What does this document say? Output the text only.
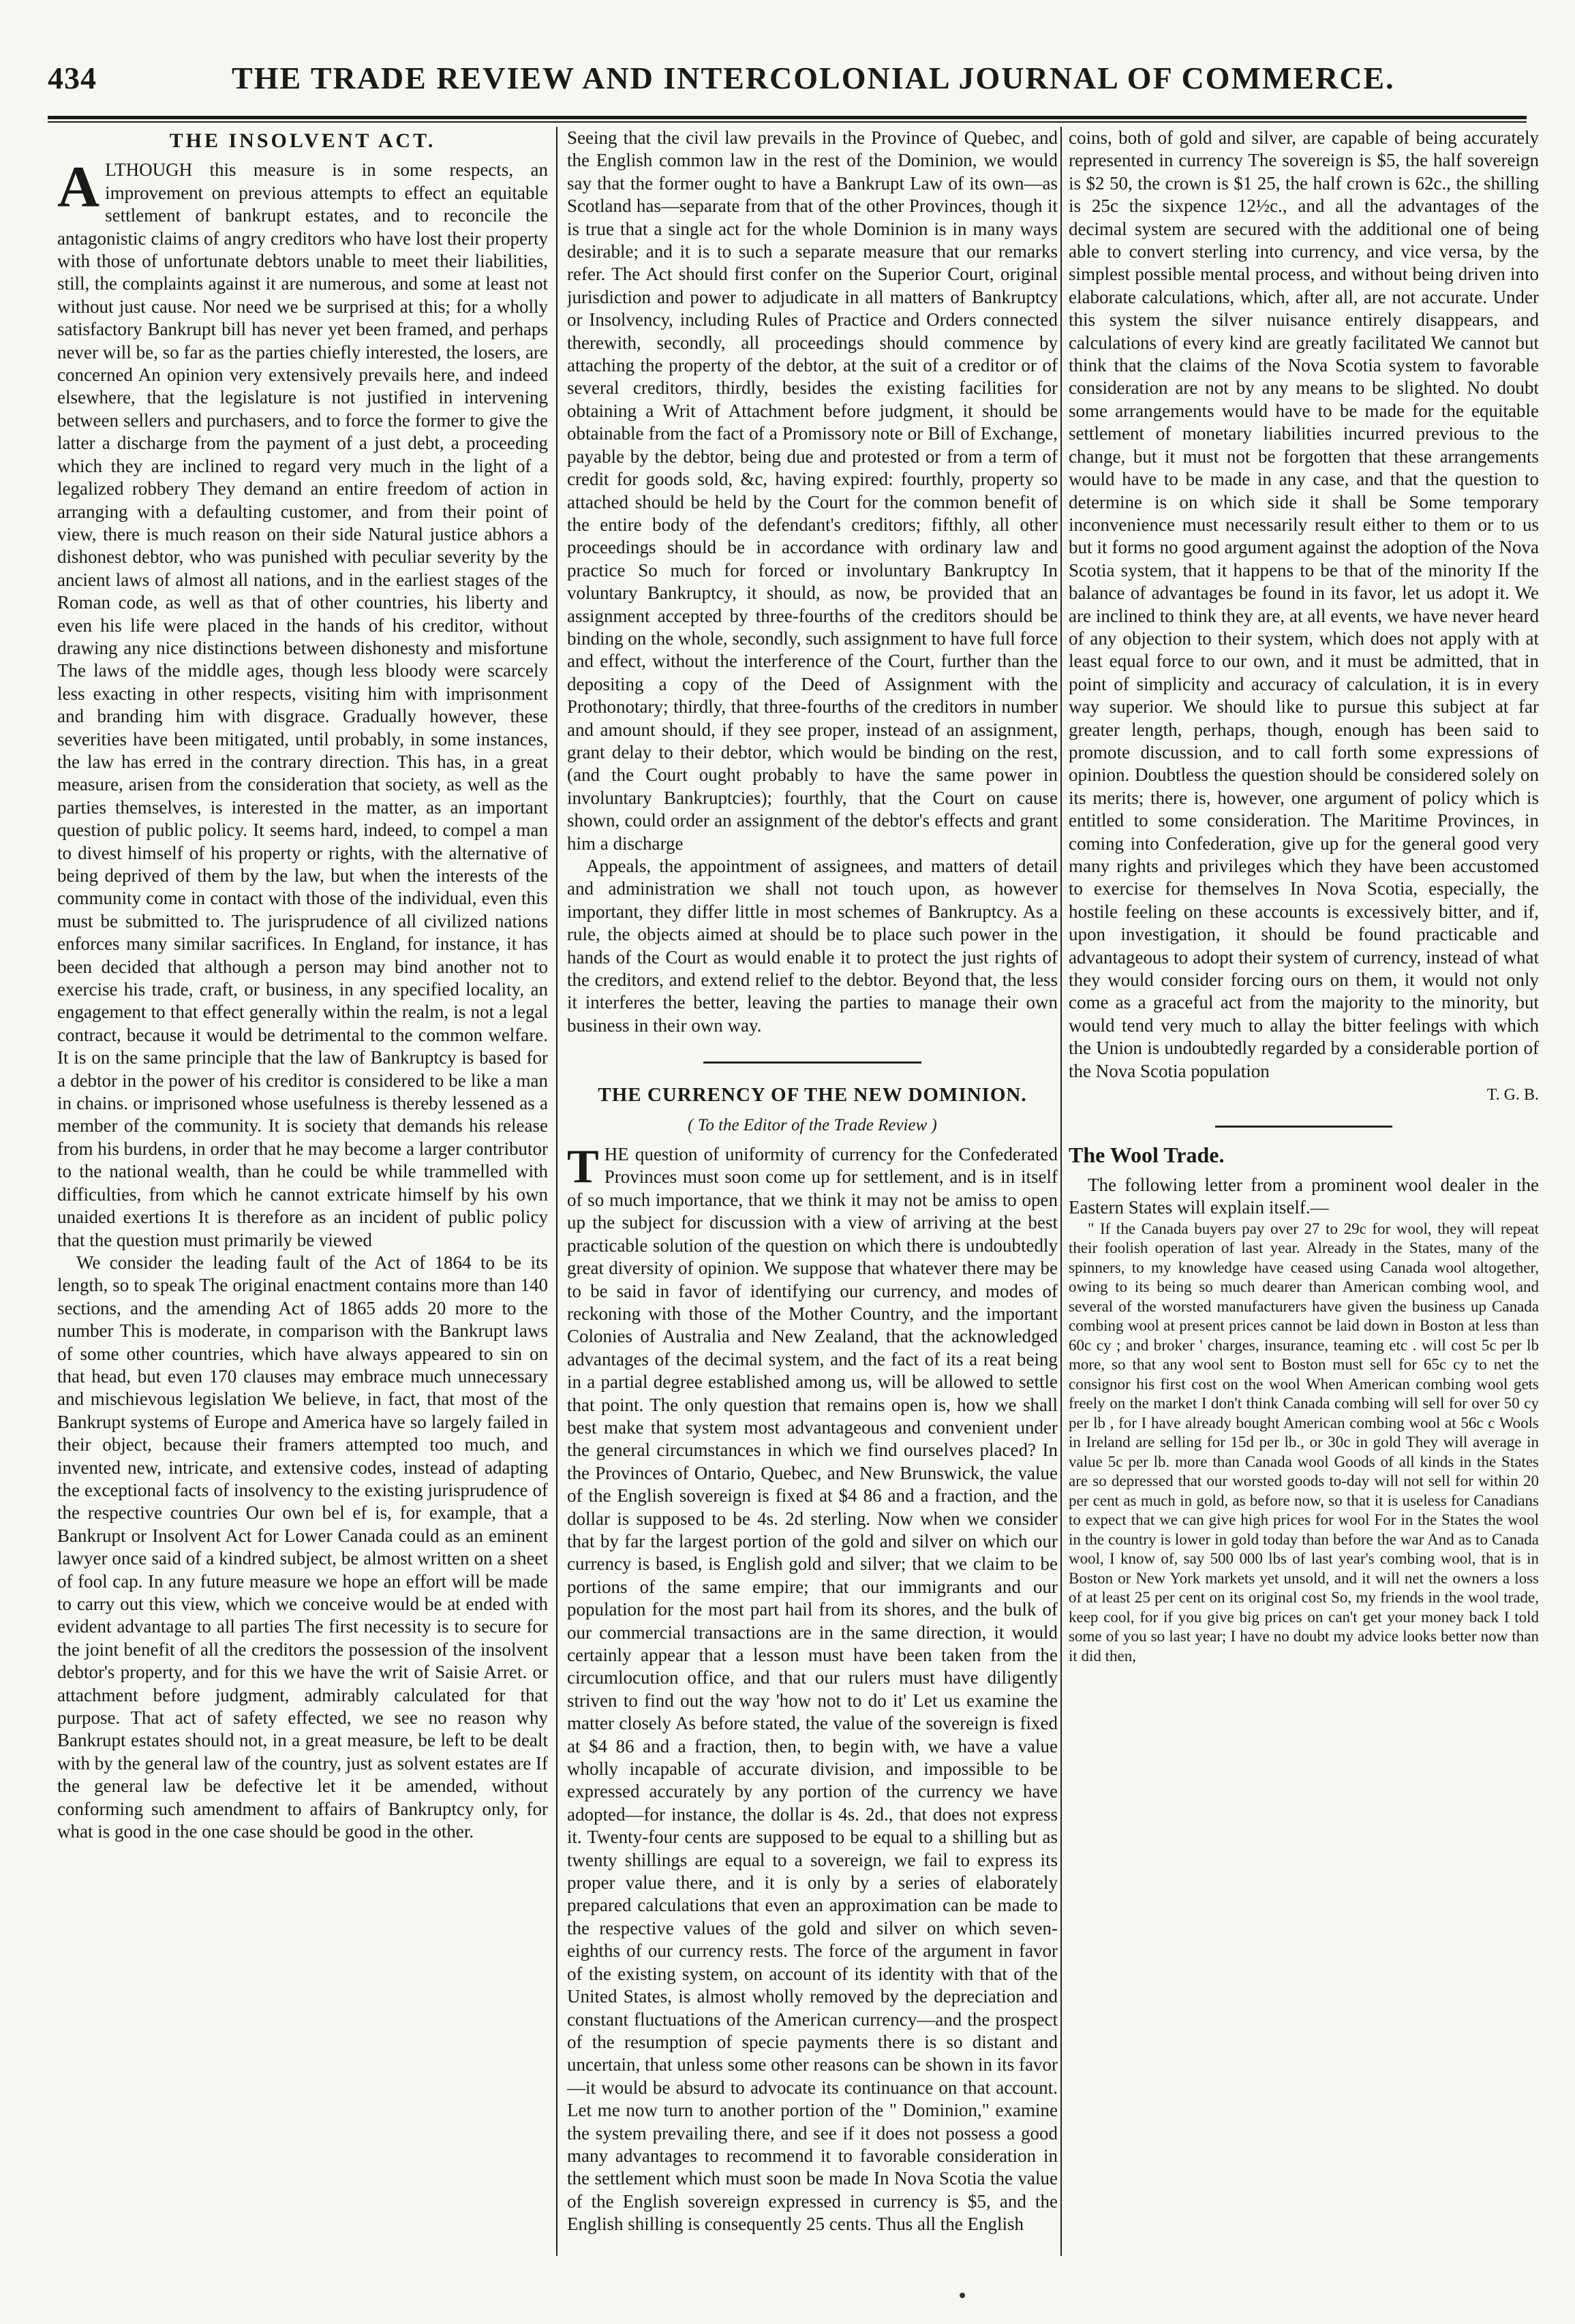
434	THE TRADE REVIEW AND INTERCOLONIAL JOURNAL OF COMMERCE.
THE INSOLVENT ACT.

ALTHOUGH this measure is in some respects, an improvement on previous attempts to effect an equitable settlement of bankrupt estates, and to reconcile the antagonistic claims of angry creditors who have lost their property with those of unfortunate debtors unable to meet their liabilities, still, the complaints against it are numerous, and some at least not without just cause. Nor need we be surprised at this; for a wholly satisfactory Bankrupt bill has never yet been framed, and perhaps never will be, so far as the parties chiefly interested, the losers, are concerned An opinion very extensively prevails here, and indeed elsewhere, that the legislature is not justified in intervening between sellers and purchasers, and to force the former to give the latter a discharge from the payment of a just debt, a proceeding which they are inclined to regard very much in the light of a legalized robbery They demand an entire freedom of action in arranging with a defaulting customer, and from their point of view, there is much reason on their side Natural justice abhors a dishonest debtor, who was punished with peculiar severity by the ancient laws of almost all nations, and in the earliest stages of the Roman code, as well as that of other countries, his liberty and even his life were placed in the hands of his creditor, without drawing any nice distinctions between dishonesty and misfortune The laws of the middle ages, though less bloody were scarcely less exacting in other respects, visiting him with imprisonment and branding him with disgrace. Gradually however, these severities have been mitigated, until probably, in some instances, the law has erred in the contrary direction. This has, in a great measure, arisen from the consideration that society, as well as the parties themselves, is interested in the matter, as an important question of public policy. It seems hard, indeed, to compel a man to divest himself of his property or rights, with the alternative of being deprived of them by the law, but when the interests of the community come in contact with those of the individual, even this must be submitted to. The jurisprudence of all civilized nations enforces many similar sacrifices. In England, for instance, it has been decided that although a person may bind another not to exercise his trade, craft, or business, in any specified locality, an engagement to that effect generally within the realm, is not a legal contract, because it would be detrimental to the common welfare. It is on the same principle that the law of Bankruptcy is based for a debtor in the power of his creditor is considered to be like a man in chains. or imprisoned whose usefulness is thereby lessened as a member of the community. It is society that demands his release from his burdens, in order that he may become a larger contributor to the national wealth, than he could be while trammelled with difficulties, from which he cannot extricate himself by his own unaided exertions It is therefore as an incident of public policy that the question must primarily be viewed

We consider the leading fault of the Act of 1864 to be its length, so to speak The original enactment contains more than 140 sections, and the amending Act of 1865 adds 20 more to the number This is moderate, in comparison with the Bankrupt laws of some other countries, which have always appeared to sin on that head, but even 170 clauses may embrace much unnecessary and mischievous legislation We believe, in fact, that most of the Bankrupt systems of Europe and America have so largely failed in their object, because their framers attempted too much, and invented new, intricate, and extensive codes, instead of adapting the exceptional facts of insolvency to the existing jurisprudence of the respective countries Our own bel ef is, for example, that a Bankrupt or Insolvent Act for Lower Canada could as an eminent lawyer once said of a kindred subject, be almost written on a sheet of fool cap. In any future measure we hope an effort will be made to carry out this view, which we conceive would be at ended with evident advantage to all parties The first necessity is to secure for the joint benefit of all the creditors the possession of the insolvent debtor's property, and for this we have the writ of Saisie Arret. or attachment before judgment, admirably calculated for that purpose. That act of safety effected, we see no reason why Bankrupt estates should not, in a great measure, be left to be dealt with by the general law of the country, just as solvent estates are If the general law be defective let it be amended, without conforming such amendment to affairs of Bankruptcy only, for what is good in the one case should be good in the other.

Seeing that the civil law prevails in the Province of Quebec, and the English common law in the rest of the Dominion, we would say that the former ought to have a Bankrupt Law of its own—as Scotland has—separate from that of the other Provinces, though it is true that a single act for the whole Dominion is in many ways desirable; and it is to such a separate measure that our remarks refer. The Act should first confer on the Superior Court, original jurisdiction and power to adjudicate in all matters of Bankruptcy or Insolvency, including Rules of Practice and Orders connected therewith, secondly, all proceedings should commence by attaching the property of the debtor, at the suit of a creditor or of several creditors, thirdly, besides the existing facilities for obtaining a Writ of Attachment before judgment, it should be obtainable from the fact of a Promissory note or Bill of Exchange, payable by the debtor, being due and protested or from a term of credit for goods sold, &c, having expired: fourthly, property so attached should be held by the Court for the common benefit of the entire body of the defendant's creditors; fifthly, all other proceedings should be in accordance with ordinary law and practice So much for forced or involuntary Bankruptcy In voluntary Bankruptcy, it should, as now, be provided that an assignment accepted by three-fourths of the creditors should be binding on the whole, secondly, such assignment to have full force and effect, without the interference of the Court, further than the depositing a copy of the Deed of Assignment with the Prothonotary; thirdly, that three-fourths of the creditors in number and amount should, if they see proper, instead of an assignment, grant delay to their debtor, which would be binding on the rest, (and the Court ought probably to have the same power in involuntary Bankruptcies); fourthly, that the Court on cause shown, could order an assignment of the debtor's effects and grant him a discharge

Appeals, the appointment of assignees, and matters of detail and administration we shall not touch upon, as however important, they differ little in most schemes of Bankruptcy. As a rule, the objects aimed at should be to place such power in the hands of the Court as would enable it to protect the just rights of the creditors, and extend relief to the debtor. Beyond that, the less it interferes the better, leaving the parties to manage their own business in their own way.

THE CURRENCY OF THE NEW DOMINION.
( To the Editor of the Trade Review )

THE question of uniformity of currency for the Confederated Provinces must soon come up for settlement, and is in itself of so much importance, that we think it may not be amiss to open up the subject for discussion with a view of arriving at the best practicable solution of the question on which there is undoubtedly great diversity of opinion. We suppose that whatever there may be to be said in favor of identifying our currency, and modes of reckoning with those of the Mother Country, and the important Colonies of Australia and New Zealand, that the acknowledged advantages of the decimal system, and the fact of its a reat being in a partial degree established among us, will be allowed to settle that point. The only question that remains open is, how we shall best make that system most advantageous and convenient under the general circumstances in which we find ourselves placed? In the Provinces of Ontario, Quebec, and New Brunswick, the value of the English sovereign is fixed at $4 86 and a fraction, and the dollar is supposed to be 4s. 2d sterling. Now when we consider that by far the largest portion of the gold and silver on which our currency is based, is English gold and silver; that we claim to be portions of the same empire; that our immigrants and our population for the most part hail from its shores, and the bulk of our commercial transactions are in the same direction, it would certainly appear that a lesson must have been taken from the circumlocution office, and that our rulers must have diligently striven to find out the way 'how not to do it' Let us examine the matter closely As before stated, the value of the sovereign is fixed at $4 86 and a fraction, then, to begin with, we have a value wholly incapable of accurate division, and impossible to be expressed accurately by any portion of the currency we have adopted—for instance, the dollar is 4s. 2d., that does not express it. Twenty-four cents are supposed to be equal to a shilling but as twenty shillings are equal to a sovereign, we fail to express its proper value there, and it is only by a series of elaborately prepared calculations that even an approximation can be made to the respective values of the gold and silver on which seven-eighths of our currency rests. The force of the argument in favor of the existing system, on account of its identity with that of the United States, is almost wholly removed by the depreciation and constant fluctuations of the American currency—and the prospect of the resumption of specie payments there is so distant and uncertain, that unless some other reasons can be shown in its favor—it would be absurd to advocate its continuance on that account. Let me now turn to another portion of the " Dominion," examine the system prevailing there, and see if it does not possess a good many advantages to recommend it to favorable consideration in the settlement which must soon be made In Nova Scotia the value of the English sovereign expressed in currency is $5, and the English shilling is consequently 25 cents. Thus all the English

coins, both of gold and silver, are capable of being accurately represented in currency The sovereign is $5, the half sovereign is $2 50, the crown is $1 25, the half crown is 62c., the shilling is 25c the sixpence 12½c., and all the advantages of the decimal system are secured with the additional one of being able to convert sterling into currency, and vice versa, by the simplest possible mental process, and without being driven into elaborate calculations, which, after all, are not accurate. Under this system the silver nuisance entirely disappears, and calculations of every kind are greatly facilitated We cannot but think that the claims of the Nova Scotia system to favorable consideration are not by any means to be slighted. No doubt some arrangements would have to be made for the equitable settlement of monetary liabilities incurred previous to the change, but it must not be forgotten that these arrangements would have to be made in any case, and that the question to determine is on which side it shall be Some temporary inconvenience must necessarily result either to them or to us but it forms no good argument against the adoption of the Nova Scotia system, that it happens to be that of the minority If the balance of advantages be found in its favor, let us adopt it. We are inclined to think they are, at all events, we have never heard of any objection to their system, which does not apply with at least equal force to our own, and it must be admitted, that in point of simplicity and accuracy of calculation, it is in every way superior. We should like to pursue this subject at far greater length, perhaps, though, enough has been said to promote discussion, and to call forth some expressions of opinion. Doubtless the question should be considered solely on its merits; there is, however, one argument of policy which is entitled to some consideration. The Maritime Provinces, in coming into Confederation, give up for the general good very many rights and privileges which they have been accustomed to exercise for themselves In Nova Scotia, especially, the hostile feeling on these accounts is excessively bitter, and if, upon investigation, it should be found practicable and advantageous to adopt their system of currency, instead of what they would consider forcing ours on them, it would not only come as a graceful act from the majority to the minority, but would tend very much to allay the bitter feelings with which the Union is undoubtedly regarded by a considerable portion of the Nova Scotia population

T. G. B.
The Wool Trade.

The following letter from a prominent wool dealer in the Eastern States will explain itself.—

" If the Canada buyers pay over 27 to 29c for wool, they will repeat their foolish operation of last year. Already in the States, many of the spinners, to my knowledge have ceased using Canada wool altogether, owing to its being so much dearer than American combing wool, and several of the worsted manufacturers have given the business up Canada combing wool at present prices cannot be laid down in Boston at less than 60c cy ; and broker ' charges, insurance, teaming etc . will cost 5c per lb more, so that any wool sent to Boston must sell for 65c cy to net the consignor his first cost on the wool When American combing wool gets freely on the market I don't think Canada combing will sell for over 50 cy per lb , for I have already bought American combing wool at 56c c Wools in Ireland are selling for 15d per lb., or 30c in gold They will average in value 5c per lb. more than Canada wool Goods of all kinds in the States are so depressed that our worsted goods to-day will not sell for within 20 per cent as much in gold, as before now, so that it is useless for Canadians to expect that we can give high prices for wool For in the States the wool in the country is lower in gold today than before the war And as to Canada wool, I know of, say 500 000 lbs of last year's combing wool, that is in Boston or New York markets yet unsold, and it will net the owners a loss of at least 25 per cent on its original cost So, my friends in the wool trade, keep cool, for if you give big prices on can't get your money back I told some of you so last year; I have no doubt my advice looks better now than it did then,
